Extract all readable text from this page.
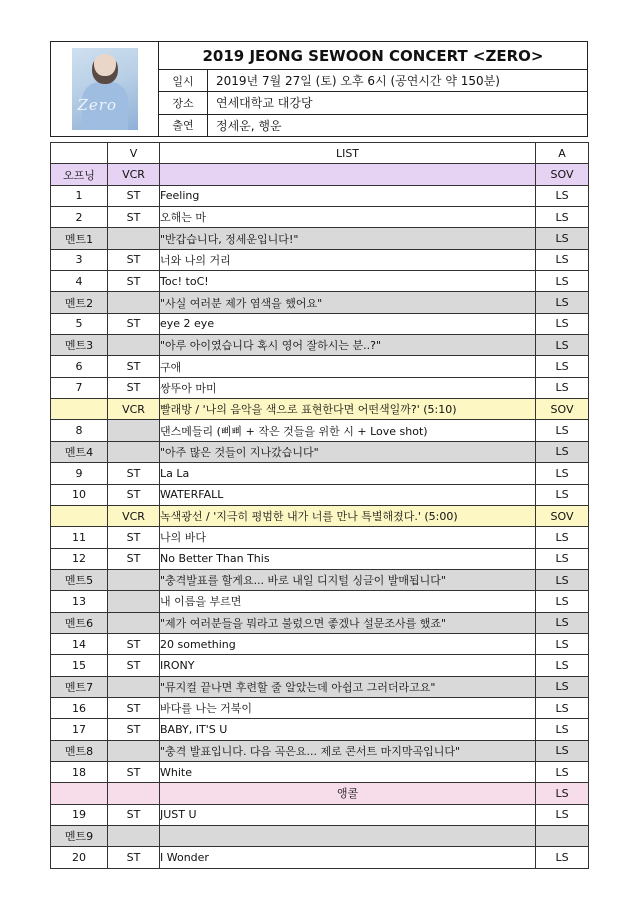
Zero
2019 JEONG SEWOON CONCERT <ZERO>
일시	2019년 7월 27일 (토) 오후 6시 (공연시간 약 150분)
장소	연세대학교 대강당
출연	정세운, 행운
	V	LIST	A
오프닝	VCR		SOV
1	ST	Feeling	LS
2	ST	오해는 마	LS
멘트1		"반갑습니다, 정세운입니다!"	LS
3	ST	너와 나의 거리	LS
4	ST	Toc! toC!	LS
멘트2		"사실 여러분 제가 염색을 했어요"	LS
5	ST	eye 2 eye	LS
멘트3		"아루 아이였습니다 혹시 영어 잘하시는 분..?"	LS
6	ST	구애	LS
7	ST	쌍뚜아 마미	LS
	VCR	빨래방 / '나의 음악을 색으로 표현한다면 어떤색일까?' (5:10)	SOV
8		댄스메들리 (삐삐 + 작은 것들을 위한 시 + Love shot)	LS
멘트4		"아주 많은 것들이 지나갔습니다"	LS
9	ST	La La	LS
10	ST	WATERFALL	LS
	VCR	녹색광선 / '지극히 평범한 내가 너를 만나 특별해졌다.' (5:00)	SOV
11	ST	나의 바다	LS
12	ST	No Better Than This	LS
멘트5		"충격발표를 할게요... 바로 내일 디지털 싱글이 발매됩니다"	LS
13		내 이름을 부르면	LS
멘트6		"제가 여러분들을 뭐라고 불렀으면 좋겠나 설문조사를 했죠"	LS
14	ST	20 something	LS
15	ST	IRONY	LS
멘트7		"뮤지컬 끝나면 후련할 줄 알았는데 아쉽고 그러더라고요"	LS
16	ST	바다를 나는 거북이	LS
17	ST	BABY, IT'S U	LS
멘트8		"충격 발표입니다. 다음 곡은요... 제로 콘서트 마지막곡입니다"	LS
18	ST	White	LS
		앵콜	LS
19	ST	JUST U	LS
멘트9			
20	ST	I Wonder	LS
